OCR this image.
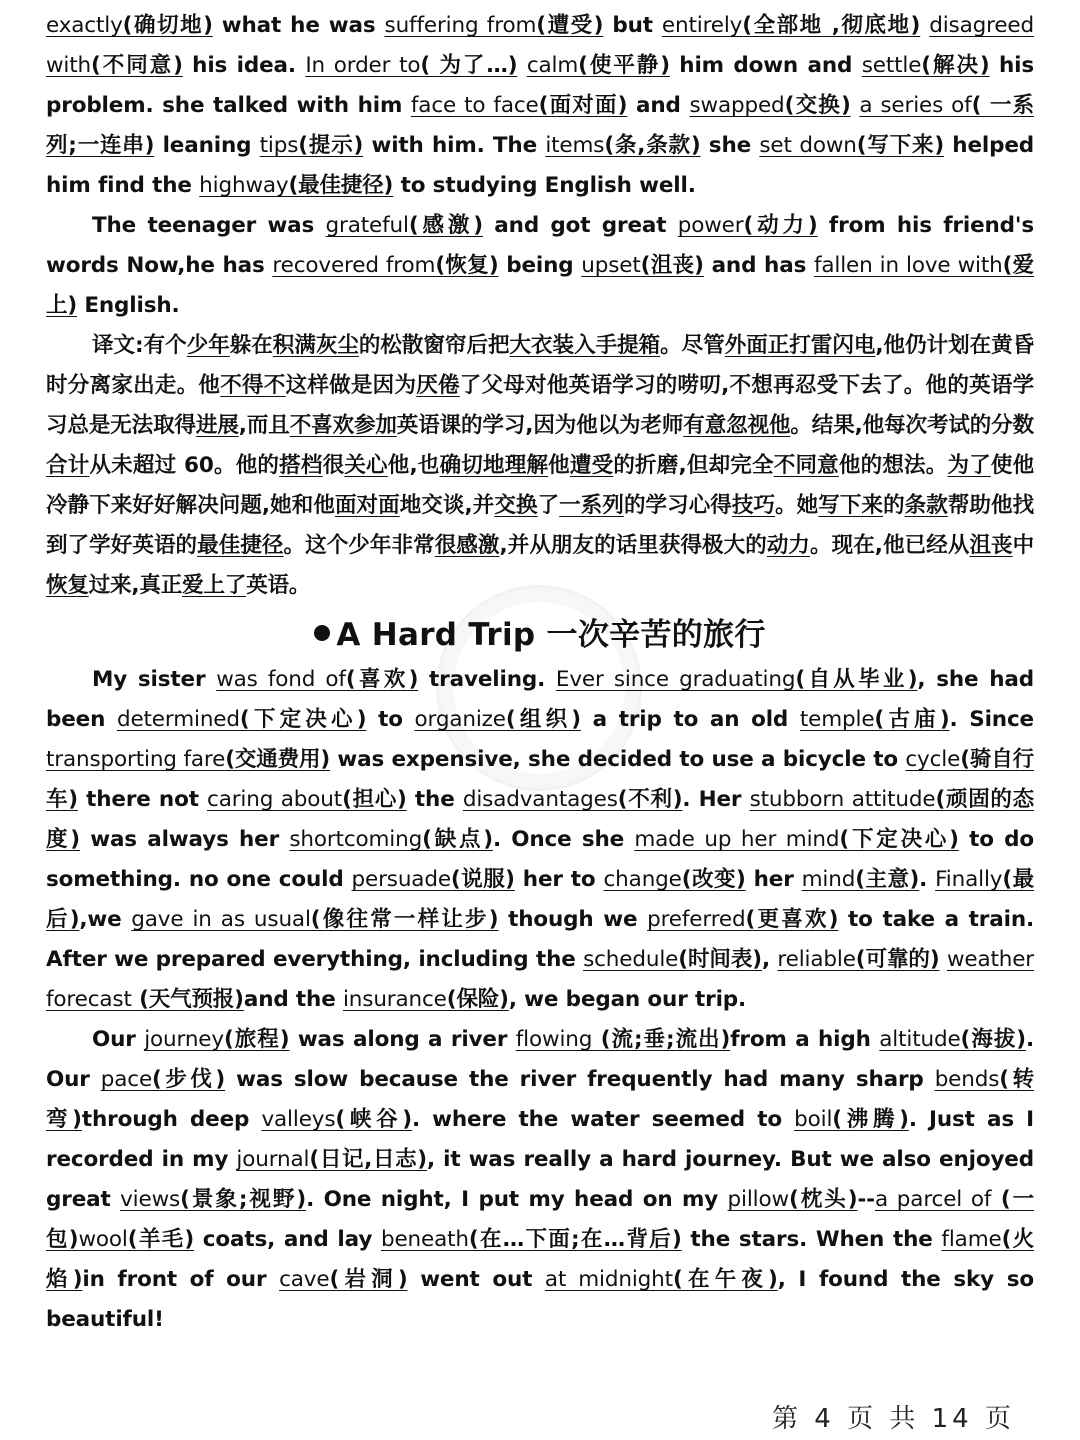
exactly(确切地) what he was suffering from(遭受) but entirely(全部地 ,彻底地) disagreed with(不同意) his idea. In order to( 为了…) calm(使平静) him down and settle(解决) his problem. she talked with him face to face(面对面) and swapped(交换) a series of( 一系列;一连串) leaning tips(提示) with him. The items(条,条款) she set down(写下来) helped him find the highway(最佳捷径) to studying English well.

The teenager was grateful(感激) and got great power(动力) from his friend's words Now,he has recovered from(恢复) being upset(沮丧) and has fallen in love with(爱上) English.

译文:有个少年躲在积满灰尘的松散窗帘后把大衣装入手提箱。尽管外面正打雷闪电,他仍计划在黄昏时分离家出走。他不得不这样做是因为厌倦了父母对他英语学习的唠叨,不想再忍受下去了。他的英语学习总是无法取得进展,而且不喜欢参加英语课的学习,因为他以为老师有意忽视他。结果,他每次考试的分数合计从未超过 60。他的搭档很关心他,也确切地理解他遭受的折磨,但却完全不同意他的想法。为了使他冷静下来好好解决问题,她和他面对面地交谈,并交换了一系列的学习心得技巧。她写下来的条款帮助他找到了学好英语的最佳捷径。这个少年非常很感激,并从朋友的话里获得极大的动力。现在,他已经从沮丧中恢复过来,真正爱上了英语。

A Hard Trip 一次辛苦的旅行

My sister was fond of(喜欢) traveling. Ever since graduating(自从毕业), she had been determined(下定决心) to organize(组织) a trip to an old temple(古庙). Since transporting fare(交通费用) was expensive, she decided to use a bicycle to cycle(骑自行车) there not caring about(担心) the disadvantages(不利). Her stubborn attitude(顽固的态度) was always her shortcoming(缺点). Once she made up her mind(下定决心) to do something. no one could persuade(说服) her to change(改变) her mind(主意). Finally(最后),we gave in as usual(像往常一样让步) though we preferred(更喜欢) to take a train. After we prepared everything, including the schedule(时间表), reliable(可靠的) weather forecast (天气预报)and the insurance(保险), we began our trip.

Our journey(旅程) was along a river flowing (流;垂;流出)from a high altitude(海拔). Our pace(步伐) was slow because the river frequently had many sharp bends(转弯)through deep valleys(峡谷). where the water seemed to boil(沸腾). Just as I recorded in my journal(日记,日志), it was really a hard journey. But we also enjoyed great views(景象;视野). One night, I put my head on my pillow(枕头)--a parcel of (一包)wool(羊毛) coats, and lay beneath(在…下面;在…背后) the stars. When the flame(火焰)in front of our cave(岩洞) went out at midnight(在午夜), I found the sky so beautiful!

第 4 页 共 14 页
